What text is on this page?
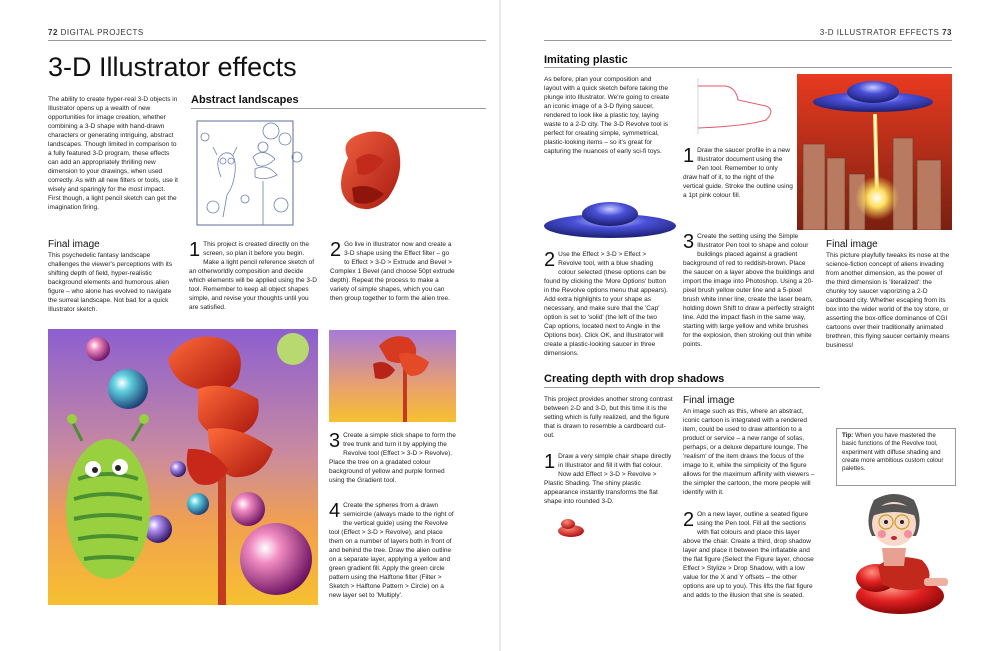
72 DIGITAL PROJECTS
3-D Illustrator effects
The ability to create hyper-real 3-D objects in Illustrator opens up a wealth of new opportunities for image creation, whether combining a 3-D shape with hand-drawn characters or generating intriguing, abstract landscapes. Though limited in comparison to a fully featured 3-D program, these effects can add an appropriately thrilling new dimension to your drawings, when used correctly. As with all new filters or tools, use it wisely and sparingly for the most impact. First though, a light pencil sketch can get the imagination firing.
Final image
This psychedelic fantasy landscape challenges the viewer's perceptions with its shifting depth of field, hyper-realistic background elements and humorous alien figure – who alone has evolved to navigate the surreal landscape. Not bad for a quick Illustrator sketch.
Abstract landscapes
1 This project is created directly on the screen, so plan it before you begin. Make a light pencil reference sketch of an otherworldly composition and decide which elements will be applied using the 3-D tool. Remember to keep all object shapes simple, and revise your thoughts until you are satisfied.
2 Go live in Illustrator now and create a 3-D shape using the Effect filter – go to Effect > 3-D > Extrude and Bevel > Complex 1 Bevel (and choose 50pt extrude depth). Repeat the process to make a variety of simple shapes, which you can then group together to form the alien tree.
3 Create a simple stick shape to form the tree trunk and turn it by applying the Revolve tool (Effect > 3-D > Revolve). Place the tree on a gradated colour background of yellow and purple formed using the Gradient tool.
4 Create the spheres from a drawn semicircle (always made to the right of the vertical guide) using the Revolve tool (Effect > 3-D > Revolve), and place them on a number of layers both in front of and behind the tree. Draw the alien outline on a separate layer, applying a yellow and green gradient fill. Apply the green circle pattern using the Halftone filter (Filter > Sketch > Halftone Pattern > Circle) on a new layer set to 'Multiply'.
3-D ILLUSTRATOR EFFECTS 73
Imitating plastic
As before, plan your composition and layout with a quick sketch before taking the plunge into Illustrator. We're going to create an iconic image of a 3-D flying saucer, rendered to look like a plastic toy, laying waste to a 2-D city. The 3-D Revolve tool is perfect for creating simple, symmetrical, plastic-looking items – so it's great for capturing the nuances of early sci-fi toys.	1 Draw the saucer profile in a new Illustrator document using the Pen tool. Remember to only draw half of it, to the right of the vertical guide. Stroke the outline using a 1pt pink colour fill.
2 Use the Effect > 3-D > Effect > Revolve tool, with a blue shading colour selected (these options can be found by clicking the 'More Options' button in the Revolve options menu that appears). Add extra highlights to your shape as necessary, and make sure that the 'Cap' option is set to 'solid' (the left of the two Cap options, located next to Angle in the Options box). Click OK, and Illustrator will create a plastic-looking saucer in three dimensions.
3 Create the setting using the Simple Illustrator Pen tool to shape and colour buildings placed against a gradient background of red to reddish-brown. Place the saucer on a layer above the buildings and import the image into Photoshop. Using a 20-pixel brush yellow outer line and a 5-pixel brush white inner line, create the laser beam, holding down Shift to draw a perfectly straight line. Add the impact flash in the same way, starting with large yellow and white brushes for the explosion, then stroking out thin white points.
Final image
This picture playfully tweaks its nose at the science-fiction concept of aliens invading from another dimension, as the power of the third dimension is 'literalized': the chunky toy saucer vaporizing a 2-D cardboard city. Whether escaping from its box into the wider world of the toy store, or asserting the box-office dominance of CGI cartoons over their traditionally animated brethren, this flying saucer certainly means business!
Creating depth with drop shadows
This project provides another strong contrast between 2-D and 3-D, but this time it is the setting which is fully realized, and the figure that is drawn to resemble a cardboard cut-out.
1 Draw a very simple chair shape directly in Illustrator and fill it with flat colour. Now add Effect > 3-D > Revolve > Plastic Shading. The shiny plastic appearance instantly transforms the flat shape into rounded 3-D.
Final image
An image such as this, where an abstract, iconic cartoon is integrated with a rendered item, could be used to draw attention to a product or service – a new range of sofas, perhaps, or a deluxe departure lounge. The 'realism' of the item draws the focus of the image to it, while the simplicity of the figure allows for the maximum affinity with viewers – the simpler the cartoon, the more people will identify with it.
2 On a new layer, outline a seated figure using the Pen tool. Fill all the sections with flat colours and place this layer above the chair. Create a third, drop shadow layer and place it between the inflatable and the flat figure (Select the Figure layer, choose Effect > Stylize > Drop Shadow, with a low value for the X and Y offsets – the other options are up to you). This lifts the flat figure and adds to the illusion that she is seated.
Tip: When you have mastered the basic functions of the Revolve tool, experiment with diffuse shading and create more ambitious custom colour palettes.
